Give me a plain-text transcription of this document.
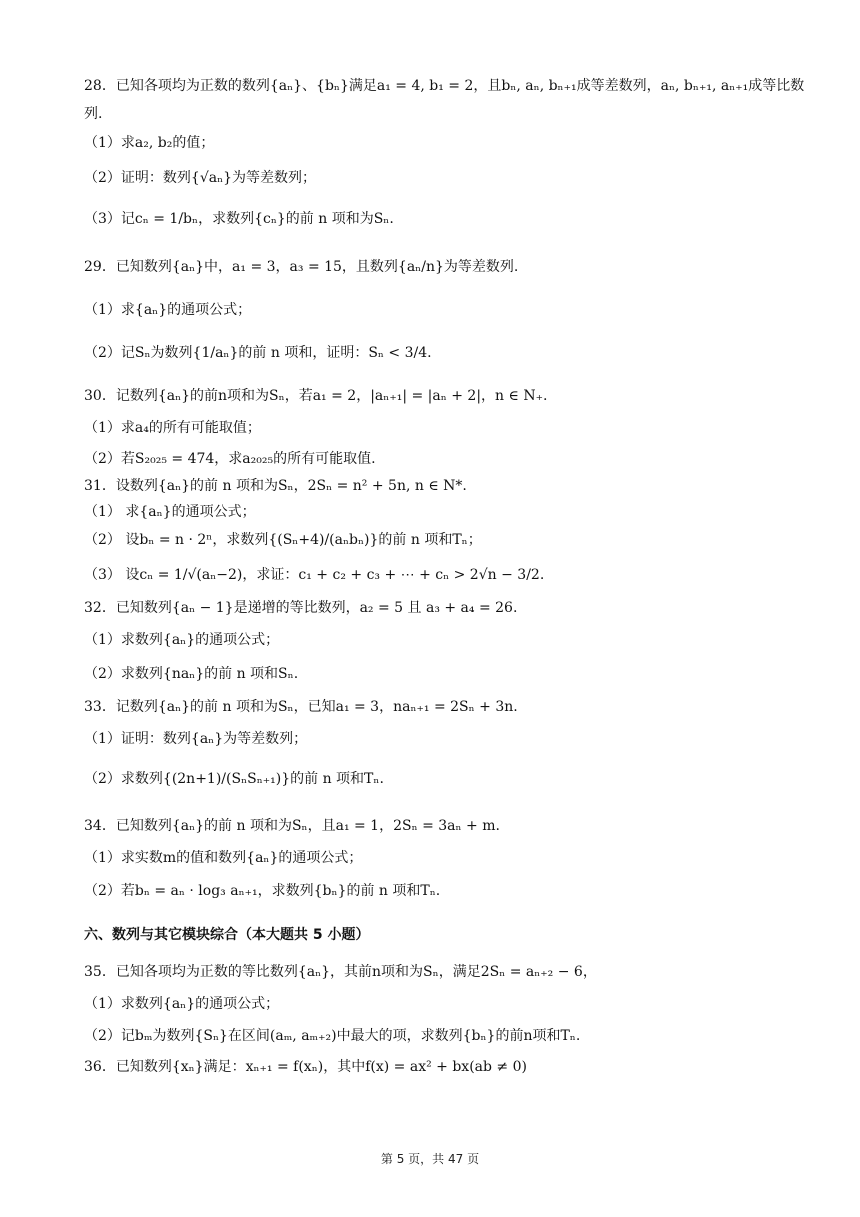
28．已知各项均为正数的数列{aₙ}、{bₙ}满足a₁ = 4, b₁ = 2，且bₙ, aₙ, bₙ₊₁成等差数列，aₙ, bₙ₊₁, aₙ₊₁成等比数
列.
（1）求a₂, b₂的值；
（2）证明：数列{√aₙ}为等差数列；
（3）记cₙ = 1/bₙ，求数列{cₙ}的前 n 项和为Sₙ.
29．已知数列{aₙ}中，a₁ = 3，a₃ = 15，且数列{aₙ/n}为等差数列.
（1）求{aₙ}的通项公式；
（2）记Sₙ为数列{1/aₙ}的前 n 项和，证明：Sₙ < 3/4.
30．记数列{aₙ}的前n项和为Sₙ，若a₁ = 2，|aₙ₊₁| = |aₙ + 2|，n ∈ N₊.
（1）求a₄的所有可能取值；
（2）若S₂₀₂₅ = 474，求a₂₀₂₅的所有可能取值.
31．设数列{aₙ}的前 n 项和为Sₙ，2Sₙ = n² + 5n, n ∈ N*.
（1） 求{aₙ}的通项公式；
（2） 设bₙ = n · 2ⁿ，求数列{(Sₙ+4)/(aₙbₙ)}的前 n 项和Tₙ；
（3） 设cₙ = 1/√(aₙ−2)，求证：c₁ + c₂ + c₃ + ⋯ + cₙ > 2√n − 3/2.
32．已知数列{aₙ − 1}是递增的等比数列，a₂ = 5 且 a₃ + a₄ = 26.
（1）求数列{aₙ}的通项公式；
（2）求数列{naₙ}的前 n 项和Sₙ.
33．记数列{aₙ}的前 n 项和为Sₙ，已知a₁ = 3，naₙ₊₁ = 2Sₙ + 3n.
（1）证明：数列{aₙ}为等差数列；
（2）求数列{(2n+1)/(SₙSₙ₊₁)}的前 n 项和Tₙ.
34．已知数列{aₙ}的前 n 项和为Sₙ，且a₁ = 1，2Sₙ = 3aₙ + m.
（1）求实数m的值和数列{aₙ}的通项公式；
（2）若bₙ = aₙ · log₃ aₙ₊₁，求数列{bₙ}的前 n 项和Tₙ.
六、数列与其它模块综合（本大题共 5 小题）
35．已知各项均为正数的等比数列{aₙ}，其前n项和为Sₙ，满足2Sₙ = aₙ₊₂ − 6，
（1）求数列{aₙ}的通项公式；
（2）记bₘ为数列{Sₙ}在区间(aₘ, aₘ₊₂)中最大的项，求数列{bₙ}的前n项和Tₙ.
36．已知数列{xₙ}满足：xₙ₊₁ = f(xₙ)，其中f(x) = ax² + bx(ab ≠ 0)
第 5 页，共 47 页
